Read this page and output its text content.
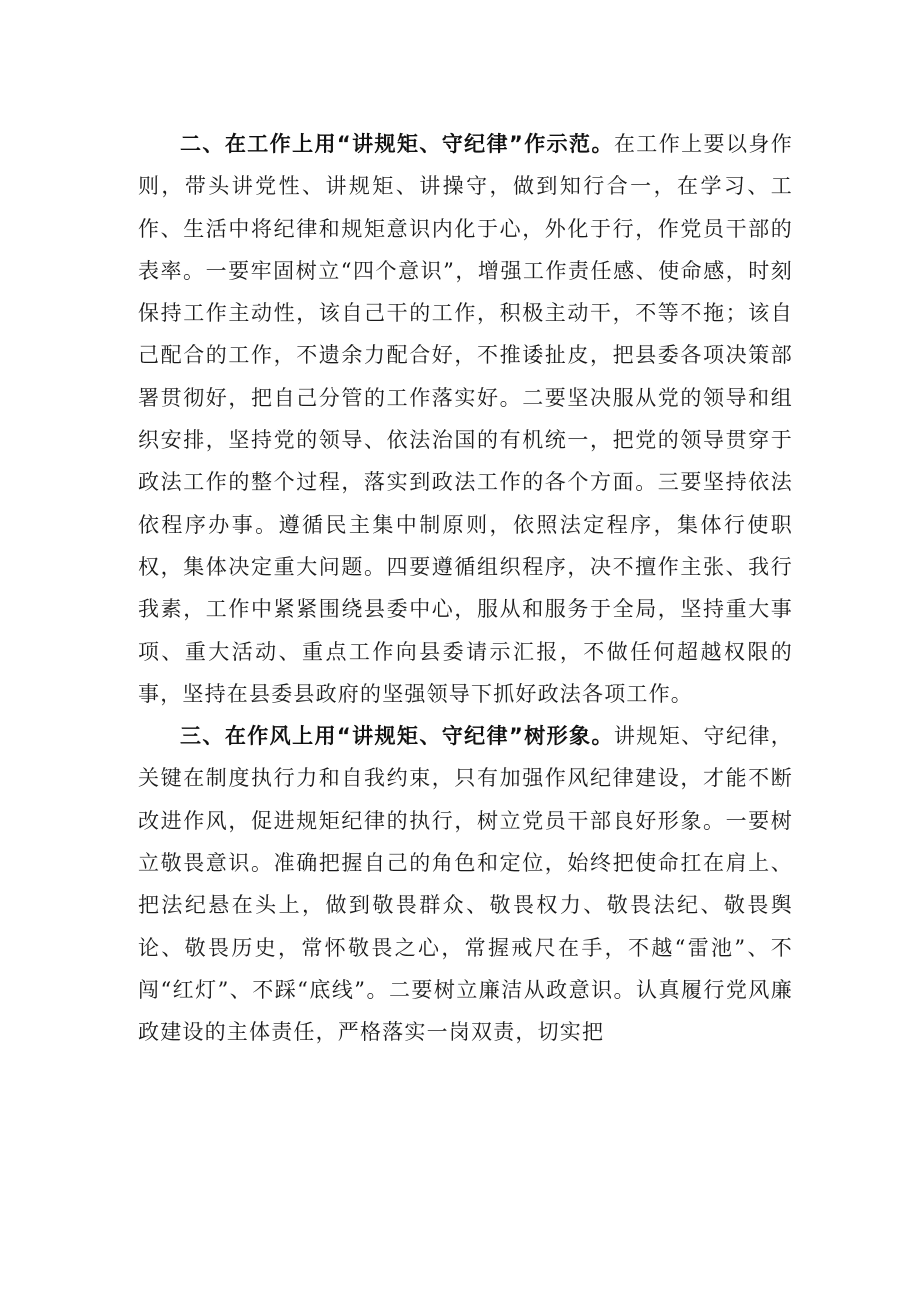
二、在工作上用“讲规矩、守纪律”作示范。在工作上要以身作则，带头讲党性、讲规矩、讲操守，做到知行合一，在学习、工作、生活中将纪律和规矩意识内化于心，外化于行，作党员干部的表率。一要牢固树立“四个意识”，增强工作责任感、使命感，时刻保持工作主动性，该自己干的工作，积极主动干，不等不拖；该自己配合的工作，不遗余力配合好，不推诿扯皮，把县委各项决策部署贯彻好，把自己分管的工作落实好。二要坚决服从党的领导和组织安排，坚持党的领导、依法治国的有机统一，把党的领导贯穿于政法工作的整个过程，落实到政法工作的各个方面。三要坚持依法依程序办事。遵循民主集中制原则，依照法定程序，集体行使职权，集体决定重大问题。四要遵循组织程序，决不擅作主张、我行我素，工作中紧紧围绕县委中心，服从和服务于全局，坚持重大事项、重大活动、重点工作向县委请示汇报，不做任何超越权限的事，坚持在县委县政府的坚强领导下抓好政法各项工作。

三、在作风上用“讲规矩、守纪律”树形象。讲规矩、守纪律，关键在制度执行力和自我约束，只有加强作风纪律建设，才能不断改进作风，促进规矩纪律的执行，树立党员干部良好形象。一要树立敬畏意识。准确把握自己的角色和定位，始终把使命扛在肩上、把法纪悬在头上，做到敬畏群众、敬畏权力、敬畏法纪、敬畏舆论、敬畏历史，常怀敬畏之心，常握戒尺在手，不越“雷池”、不闯“红灯”、不踩“底线”。二要树立廉洁从政意识。认真履行党风廉政建设的主体责任，严格落实一岗双责，切实把
